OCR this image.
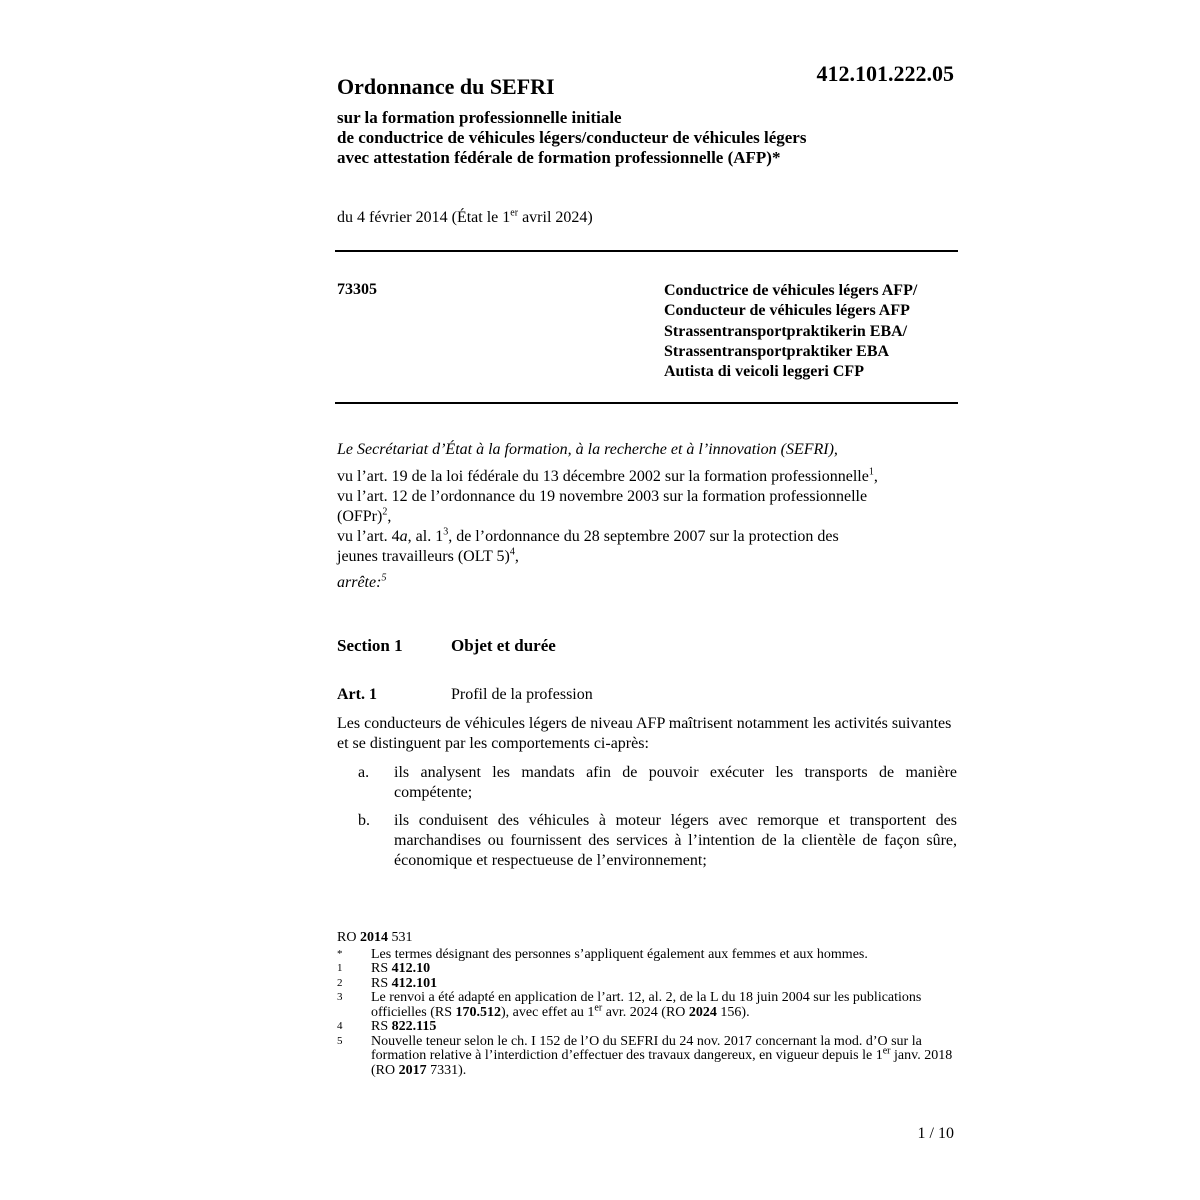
412.101.222.05
Ordonnance du SEFRI
sur la formation professionnelle initiale
de conductrice de véhicules légers/conducteur de véhicules légers
avec attestation fédérale de formation professionnelle (AFP)*
du 4 février 2014 (État le 1er avril 2024)
73305	Conductrice de véhicules légers AFP/
Conducteur de véhicules légers AFP
Strassentransportpraktikerin EBA/
Strassentransportpraktiker EBA
Autista di veicoli leggeri CFP
Le Secrétariat d’État à la formation, à la recherche et à l’innovation (SEFRI),
vu l’art. 19 de la loi fédérale du 13 décembre 2002 sur la formation professionnelle$^1$,
vu l’art. 12 de l’ordonnance du 19 novembre 2003 sur la formation professionnelle
(OFPr)$^2$,
vu l’art. 4a, al. $1^3$, de l’ordonnance du 28 septembre 2007 sur la protection des
jeunes travailleurs (OLT 5)$^4$,
arrête:$^5$
Section 1	Objet et durée
Art. 1	Profil de la profession
Les conducteurs de véhicules légers de niveau AFP maîtrisent notamment les activités suivantes et se distinguent par les comportements ci-après:
a.	ils analysent les mandats afin de pouvoir exécuter les transports de manière compétente;
b.	ils conduisent des véhicules à moteur légers avec remorque et transportent des marchandises ou fournissent des services à l’intention de la clientèle de façon sûre, économique et respectueuse de l’environnement;
RO 2014 531
*	Les termes désignant des personnes s’appliquent également aux femmes et aux hommes.
1	RS 412.10
2	RS 412.101
3	Le renvoi a été adapté en application de l’art. 12, al. 2, de la L du 18 juin 2004 sur les publications officielles (RS 170.512), avec effet au 1er avr. 2024 (RO 2024 156).
4	RS 822.115
5	Nouvelle teneur selon le ch. I 152 de l’O du SEFRI du 24 nov. 2017 concernant la mod. d’O sur la formation relative à l’interdiction d’effectuer des travaux dangereux, en vigueur depuis le 1er janv. 2018 (RO 2017 7331).
1 / 10
